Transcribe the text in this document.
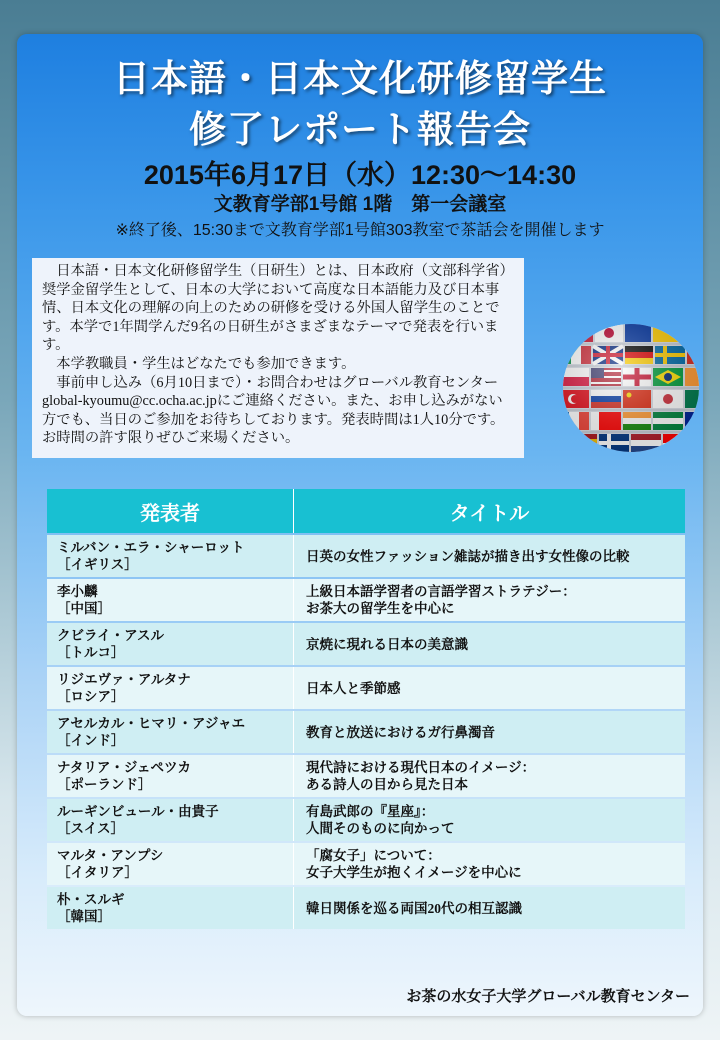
日本語・日本文化研修留学生
修了レポート報告会
2015年6月17日（水）12:30～14:30
文教育学部1号館 1階　第一会議室
※終了後、15:30まで文教育学部1号館303教室で茶話会を開催します

　日本語・日本文化研修留学生（日研生）とは、日本政府（文部科学省）奨学金留学生として、日本の大学において高度な日本語能力及び日本事情、日本文化の理解の向上のための研修を受ける外国人留学生のことです。本学で1年間学んだ9名の日研生がさまざまなテーマで発表を行います。

　本学教職員・学生はどなたでも参加できます。

　事前申し込み（6月10日まで）・お問合わせはグローバル教育センター global-kyoumu@cc.ocha.ac.jpにご連絡ください。また、お申し込みがない方でも、当日のご参加をお待ちしております。発表時間は1人10分です。お時間の許す限りぜひご来場ください。

発表者	タイトル

ミルバン・エラ・シャーロット
［イギリス］	日英の女性ファッション雑誌が描き出す女性像の比較

李小麟
［中国］	上級日本語学習者の言語学習ストラテジー：
お茶大の留学生を中心に

クビライ・アスル
［トルコ］	京焼に現れる日本の美意識

リジエヴァ・アルタナ
［ロシア］	日本人と季節感

アセルカル・ヒマリ・アジャエ
［インド］	教育と放送におけるガ行鼻濁音

ナタリア・ジェペツカ
［ポーランド］	現代詩における現代日本のイメージ：
ある詩人の目から見た日本

ルーギンビュール・由貴子
［スイス］	有島武郎の『星座』：
人間そのものに向かって

マルタ・アンプシ
［イタリア］	「腐女子」について：
女子大学生が抱くイメージを中心に

朴・スルギ
［韓国］	韓日関係を巡る両国20代の相互認識
お茶の水女子大学グローバル教育センター
